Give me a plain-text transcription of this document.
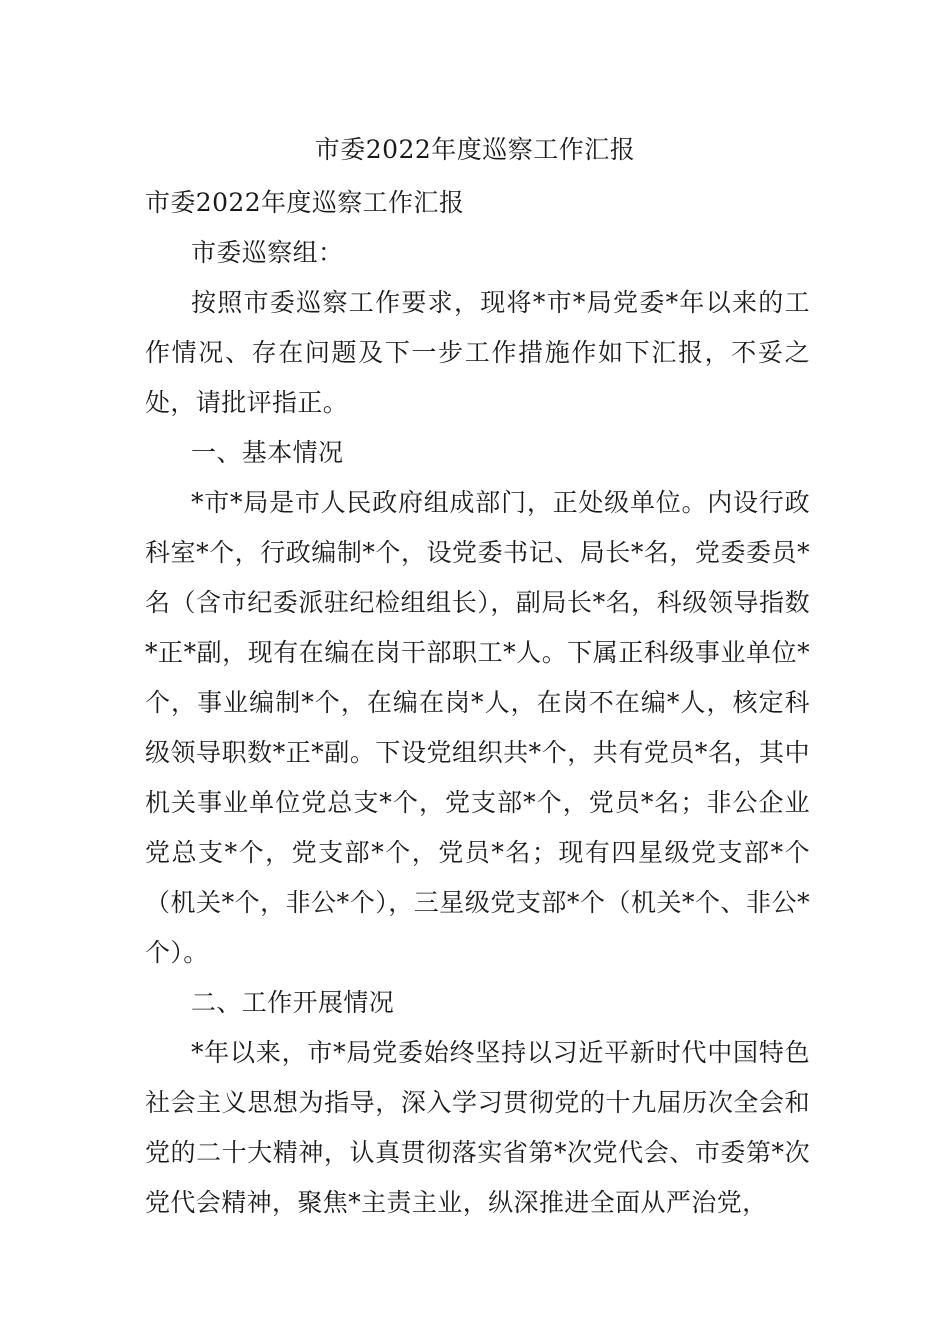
市委2022年度巡察工作汇报

市委2022年度巡察工作汇报

市委巡察组：

按照市委巡察工作要求，现将*市*局党委*年以来的工作情况、存在问题及下一步工作措施作如下汇报，不妥之处，请批评指正。

一、基本情况

*市*局是市人民政府组成部门，正处级单位。内设行政科室*个，行政编制*个，设党委书记、局长*名，党委委员*名（含市纪委派驻纪检组组长），副局长*名，科级领导指数*正*副，现有在编在岗干部职工*人。下属正科级事业单位*个，事业编制*个，在编在岗*人，在岗不在编*人，核定科级领导职数*正*副。下设党组织共*个，共有党员*名，其中机关事业单位党总支*个，党支部*个，党员*名；非公企业党总支*个，党支部*个，党员*名；现有四星级党支部*个（机关*个，非公*个），三星级党支部*个（机关*个、非公*个）。

二、工作开展情况

*年以来，市*局党委始终坚持以习近平新时代中国特色社会主义思想为指导，深入学习贯彻党的十九届历次全会和党的二十大精神，认真贯彻落实省第*次党代会、市委第*次党代会精神，聚焦*主责主业，纵深推进全面从严治党，
